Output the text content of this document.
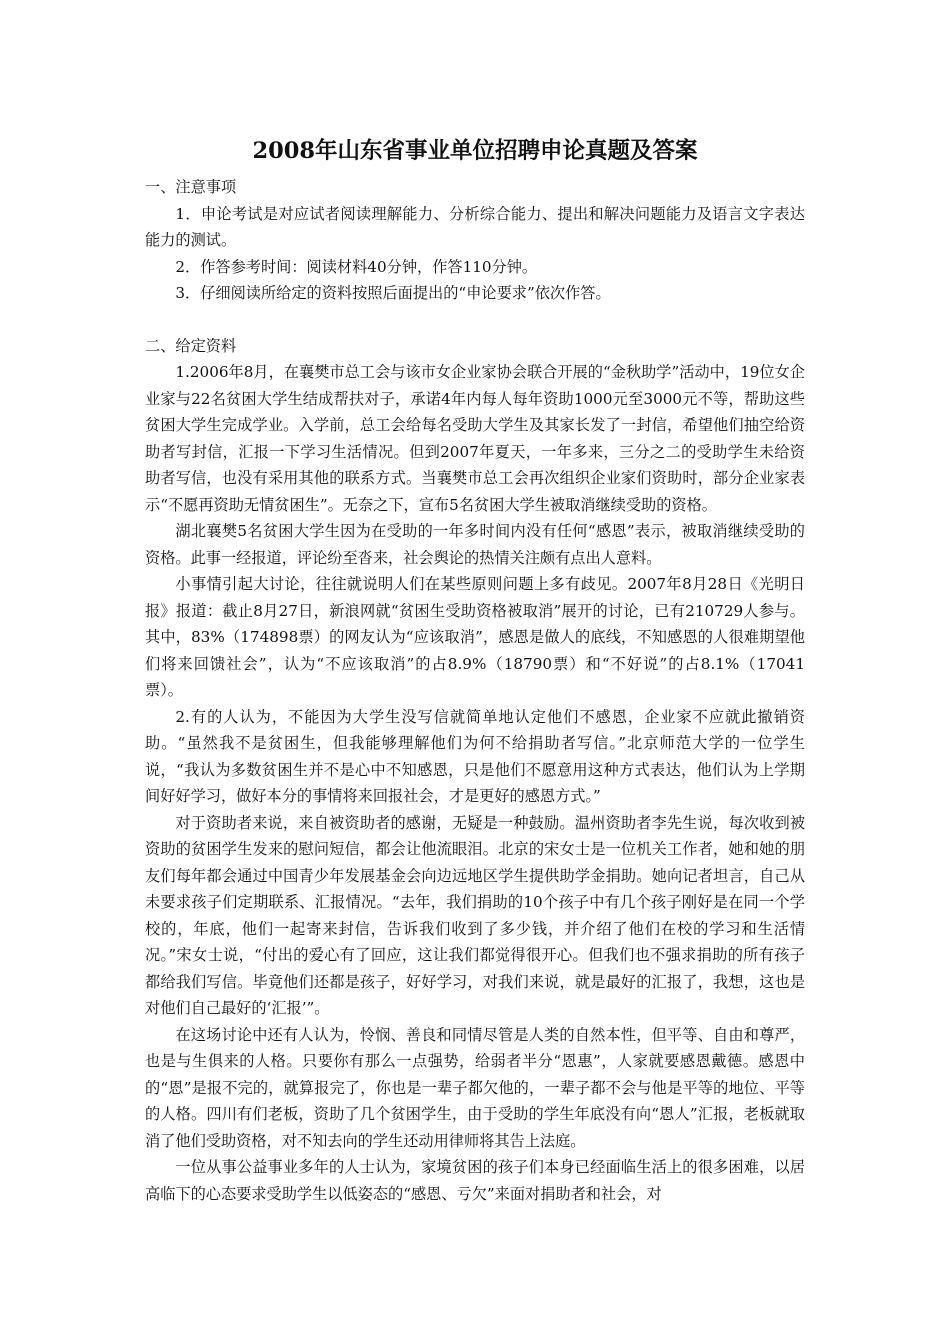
2008年山东省事业单位招聘申论真题及答案

一、注意事项

1．申论考试是对应试者阅读理解能力、分析综合能力、提出和解决问题能力及语言文字表达能力的测试。

2．作答参考时间：阅读材料40分钟，作答110分钟。

3．仔细阅读所给定的资料按照后面提出的“申论要求”依次作答。

二、给定资料

1.2006年8月，在襄樊市总工会与该市女企业家协会联合开展的“金秋助学”活动中，19位女企业家与22名贫困大学生结成帮扶对子，承诺4年内每人每年资助1000元至3000元不等，帮助这些贫困大学生完成学业。入学前，总工会给每名受助大学生及其家长发了一封信，希望他们抽空给资助者写封信，汇报一下学习生活情况。但到2007年夏天，一年多来，三分之二的受助学生未给资助者写信，也没有采用其他的联系方式。当襄樊市总工会再次组织企业家们资助时，部分企业家表示“不愿再资助无情贫困生”。无奈之下，宣布5名贫困大学生被取消继续受助的资格。

湖北襄樊5名贫困大学生因为在受助的一年多时间内没有任何“感恩”表示，被取消继续受助的资格。此事一经报道，评论纷至沓来，社会舆论的热情关注颇有点出人意料。

小事情引起大讨论，往往就说明人们在某些原则问题上多有歧见。2007年8月28日《光明日报》报道：截止8月27日，新浪网就“贫困生受助资格被取消”展开的讨论，已有210729人参与。其中，83%（174898票）的网友认为“应该取消”，感恩是做人的底线，不知感恩的人很难期望他们将来回馈社会”，认为“不应该取消”的占8.9%（18790票）和“不好说”的占8.1%（17041票）。

2.有的人认为，不能因为大学生没写信就简单地认定他们不感恩，企业家不应就此撤销资助。“虽然我不是贫困生，但我能够理解他们为何不给捐助者写信。”北京师范大学的一位学生说，“我认为多数贫困生并不是心中不知感恩，只是他们不愿意用这种方式表达，他们认为上学期间好好学习，做好本分的事情将来回报社会，才是更好的感恩方式。”

对于资助者来说，来自被资助者的感谢，无疑是一种鼓励。温州资助者李先生说，每次收到被资助的贫困学生发来的慰问短信，都会让他流眼泪。北京的宋女士是一位机关工作者，她和她的朋友们每年都会通过中国青少年发展基金会向边远地区学生提供助学金捐助。她向记者坦言，自己从未要求孩子们定期联系、汇报情况。“去年，我们捐助的10个孩子中有几个孩子刚好是在同一个学校的，年底，他们一起寄来封信，告诉我们收到了多少钱，并介绍了他们在校的学习和生活情况。”宋女士说，“付出的爱心有了回应，这让我们都觉得很开心。但我们也不强求捐助的所有孩子都给我们写信。毕竟他们还都是孩子，好好学习，对我们来说，就是最好的汇报了，我想，这也是对他们自己最好的‘汇报’”。

在这场讨论中还有人认为，怜悯、善良和同情尽管是人类的自然本性，但平等、自由和尊严，也是与生俱来的人格。只要你有那么一点强势，给弱者半分“恩惠”，人家就要感恩戴德。感恩中的“恩”是报不完的，就算报完了，你也是一辈子都欠他的，一辈子都不会与他是平等的地位、平等的人格。四川有们老板，资助了几个贫困学生，由于受助的学生年底没有向“恩人”汇报，老板就取消了他们受助资格，对不知去向的学生还动用律师将其告上法庭。

一位从事公益事业多年的人士认为，家境贫困的孩子们本身已经面临生活上的很多困难，以居高临下的心态要求受助学生以低姿态的“感恩、亏欠”来面对捐助者和社会，对
